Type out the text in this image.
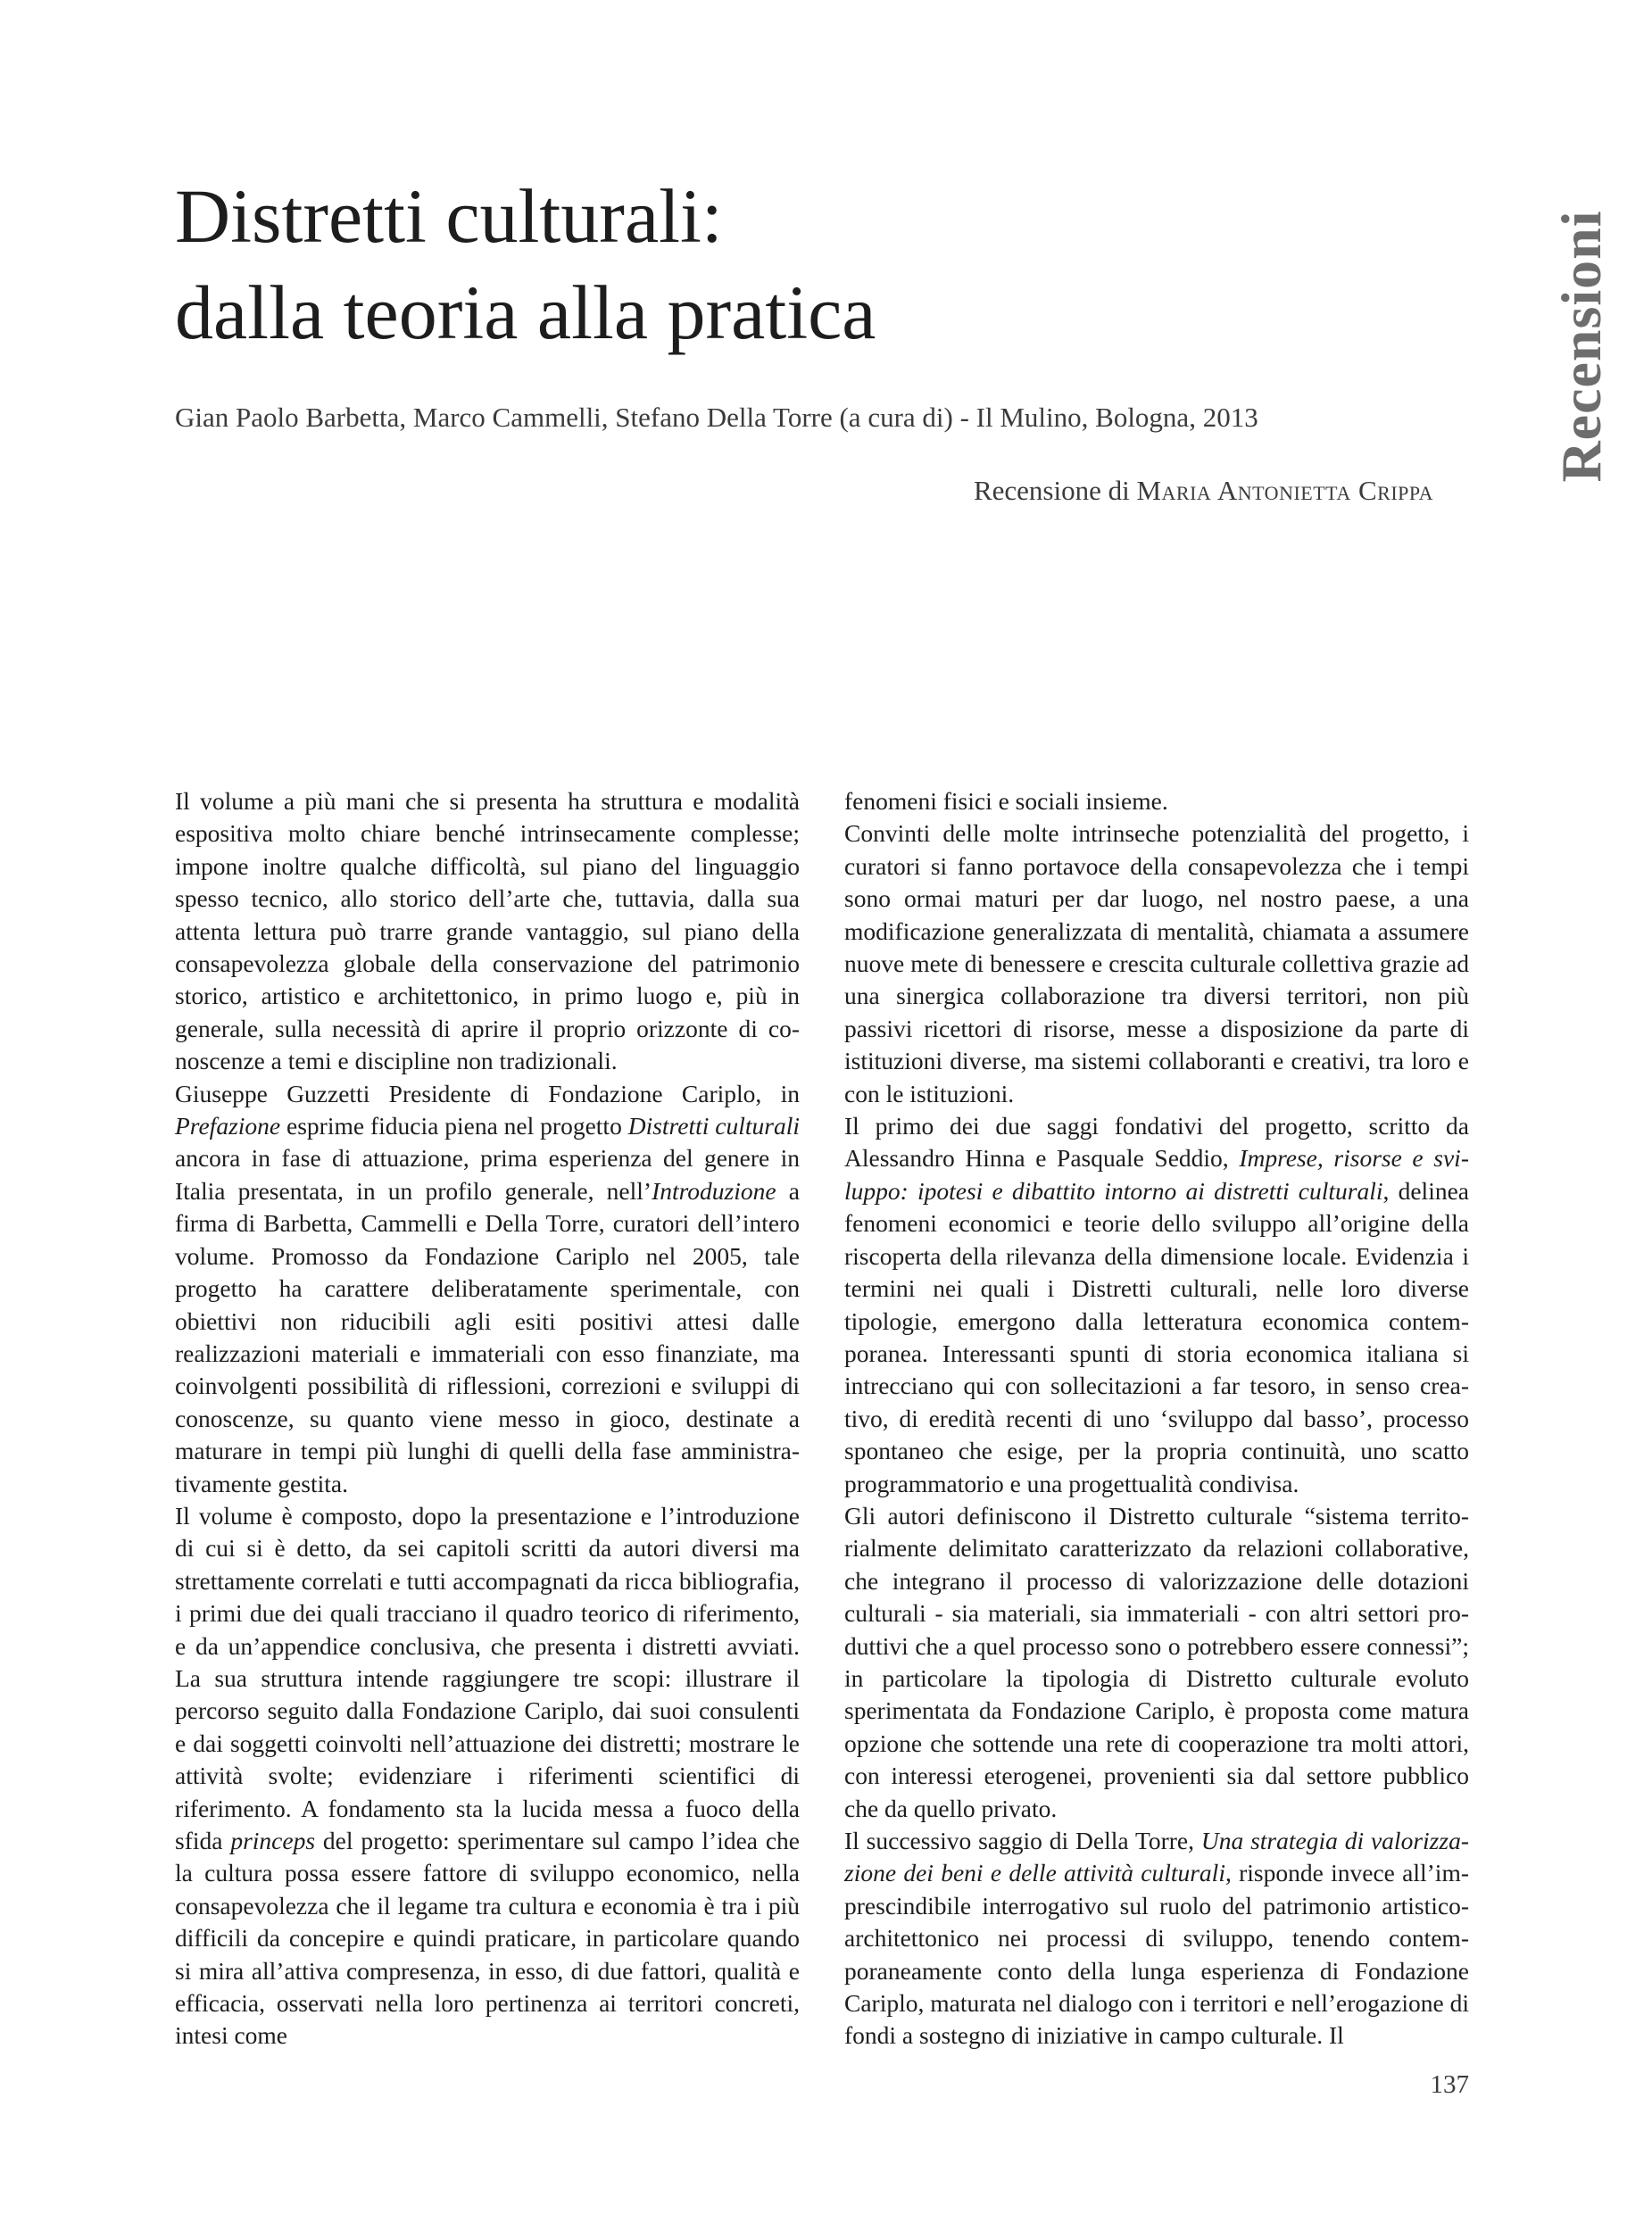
Distretti culturali:
dalla teoria alla pratica
Gian Paolo Barbetta, Marco Cammelli, Stefano Della Torre (a cura di) - Il Mulino, Bologna, 2013
Recensione di Maria Antonietta Crippa
Recensioni

Il volume a più mani che si presenta ha struttura e modalità espositiva molto chiare benché intrinsecamente complesse; impone inoltre qualche difficoltà, sul piano del linguaggio spesso tecnico, allo storico dell’arte che, tuttavia, dalla sua attenta lettura può trarre grande vantaggio, sul piano della consapevolezza globale della conservazione del patrimonio storico, artistico e architettonico, in primo luogo e, più in generale, sulla necessità di aprire il proprio orizzonte di conoscenze a temi e discipline non tradizionali.

Giuseppe Guzzetti Presidente di Fondazione Cariplo, in Prefazione esprime fiducia piena nel progetto Distretti culturali ancora in fase di attuazione, prima esperienza del genere in Italia presentata, in un profilo generale, nell’Introduzione a firma di Barbetta, Cammelli e Della Torre, curatori dell’intero volume. Promosso da Fondazione Cariplo nel 2005, tale progetto ha carattere deliberatamente sperimentale, con obiettivi non riducibili agli esiti positivi attesi dalle realizzazioni materiali e immateriali con esso finanziate, ma coinvolgenti possibilità di riflessioni, correzioni e sviluppi di conoscenze, su quanto viene messo in gioco, destinate a maturare in tempi più lunghi di quelli della fase amministrativamente gestita.

Il volume è composto, dopo la presentazione e l’introduzione di cui si è detto, da sei capitoli scritti da autori diversi ma strettamente correlati e tutti accompagnati da ricca bibliografia, i primi due dei quali tracciano il quadro teorico di riferimento, e da un’appendice conclusiva, che presenta i distretti avviati. La sua struttura intende raggiungere tre scopi: illustrare il percorso seguito dalla Fondazione Cariplo, dai suoi consulenti e dai soggetti coinvolti nell’attuazione dei distretti; mostrare le attività svolte; evidenziare i riferimenti scientifici di riferimento. A fondamento sta la lucida messa a fuoco della sfida princeps del progetto: sperimentare sul campo l’idea che la cultura possa essere fattore di sviluppo economico, nella consapevolezza che il legame tra cultura e economia è tra i più difficili da concepire e quindi praticare, in particolare quando si mira all’attiva compresenza, in esso, di due fattori, qualità e efficacia, osservati nella loro pertinenza ai territori concreti, intesi come

fenomeni fisici e sociali insieme.

Convinti delle molte intrinseche potenzialità del progetto, i curatori si fanno portavoce della consapevolezza che i tempi sono ormai maturi per dar luogo, nel nostro paese, a una modificazione generalizzata di mentalità, chiamata a assumere nuove mete di benessere e crescita culturale collettiva grazie ad una sinergica collaborazione tra diversi territori, non più passivi ricettori di risorse, messe a disposizione da parte di istituzioni diverse, ma sistemi collaboranti e creativi, tra loro e con le istituzioni.

Il primo dei due saggi fondativi del progetto, scritto da Alessandro Hinna e Pasquale Seddio, Imprese, risorse e sviluppo: ipotesi e dibattito intorno ai distretti culturali, delinea fenomeni economici e teorie dello sviluppo all’origine della riscoperta della rilevanza della dimensione locale. Evidenzia i termini nei quali i Distretti culturali, nelle loro diverse tipologie, emergono dalla letteratura economica contemporanea. Interessanti spunti di storia economica italiana si intrecciano qui con sollecitazioni a far tesoro, in senso creativo, di eredità recenti di uno ‘sviluppo dal basso’, processo spontaneo che esige, per la propria continuità, uno scatto programmatorio e una progettualità condivisa.

Gli autori definiscono il Distretto culturale “sistema territorialmente delimitato caratterizzato da relazioni collaborative, che integrano il processo di valorizzazione delle dotazioni culturali - sia materiali, sia immateriali - con altri settori produttivi che a quel processo sono o potrebbero essere connessi”; in particolare la tipologia di Distretto culturale evoluto sperimentata da Fondazione Cariplo, è proposta come matura opzione che sottende una rete di cooperazione tra molti attori, con interessi eterogenei, provenienti sia dal settore pubblico che da quello privato.

Il successivo saggio di Della Torre, Una strategia di valorizzazione dei beni e delle attività culturali, risponde invece all’imprescindibile interrogativo sul ruolo del patrimonio artistico-architettonico nei processi di sviluppo, tenendo contemporaneamente conto della lunga esperienza di Fondazione Cariplo, maturata nel dialogo con i territori e nell’erogazione di fondi a sostegno di iniziative in campo culturale. Il

137
